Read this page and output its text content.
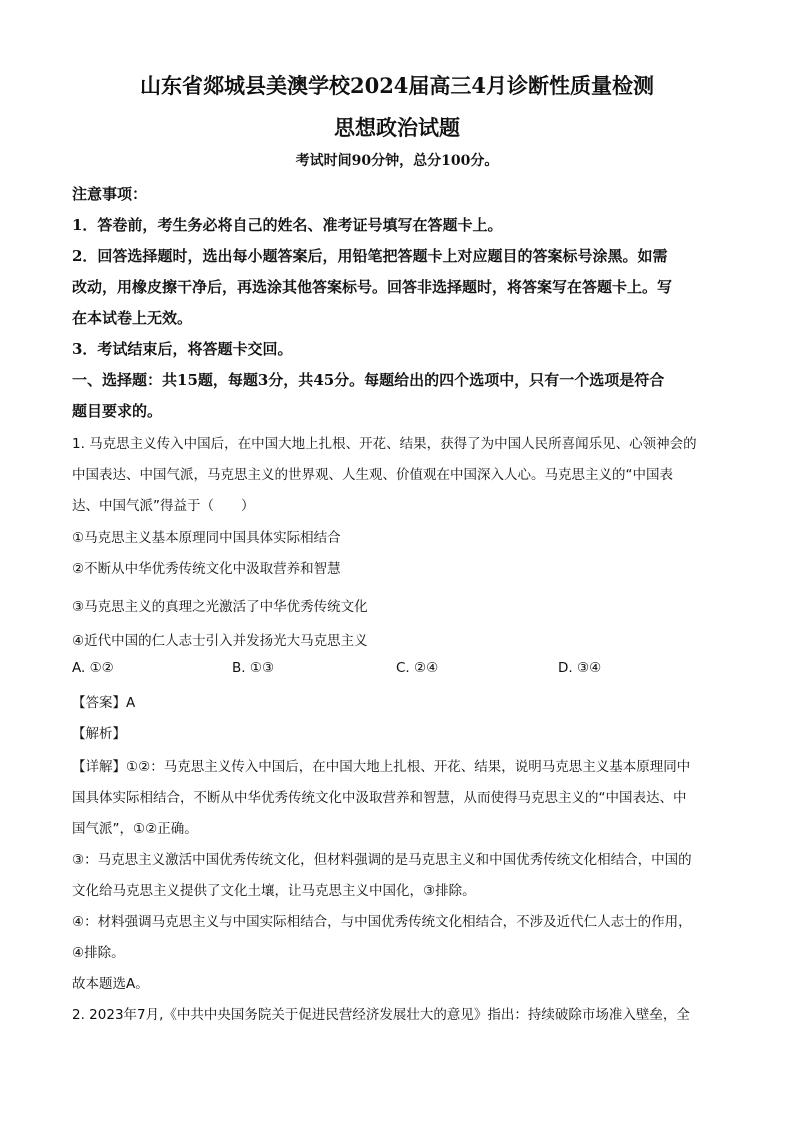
山东省郯城县美澳学校2024届高三4月诊断性质量检测
思想政治试题
考试时间90分钟，总分100分。
注意事项：
1．答卷前，考生务必将自己的姓名、准考证号填写在答题卡上。
2．回答选择题时，选出每小题答案后，用铅笔把答题卡上对应题目的答案标号涂黑。如需
改动，用橡皮擦干净后，再选涂其他答案标号。回答非选择题时，将答案写在答题卡上。写
在本试卷上无效。
3．考试结束后，将答题卡交回。
一、选择题：共15题，每题3分，共45分。每题给出的四个选项中，只有一个选项是符合
题目要求的。
1. 马克思主义传入中国后，在中国大地上扎根、开花、结果，获得了为中国人民所喜闻乐见、心领神会的
中国表达、中国气派，马克思主义的世界观、人生观、价值观在中国深入人心。马克思主义的“中国表
达、中国气派”得益于（　　）
①马克思主义基本原理同中国具体实际相结合
②不断从中华优秀传统文化中汲取营养和智慧
③马克思主义的真理之光激活了中华优秀传统文化
④近代中国的仁人志士引入并发扬光大马克思主义
A. ①②	B. ①③	C. ②④	D. ③④
【答案】A
【解析】
【详解】①②：马克思主义传入中国后，在中国大地上扎根、开花、结果，说明马克思主义基本原理同中
国具体实际相结合，不断从中华优秀传统文化中汲取营养和智慧，从而使得马克思主义的“中国表达、中
国气派”，①②正确。
③：马克思主义激活中国优秀传统文化，但材料强调的是马克思主义和中国优秀传统文化相结合，中国的
文化给马克思主义提供了文化土壤，让马克思主义中国化，③排除。
④：材料强调马克思主义与中国实际相结合，与中国优秀传统文化相结合，不涉及近代仁人志士的作用，
④排除。
故本题选A。
2. 2023年7月,《中共中央国务院关于促进民营经济发展壮大的意见》指出：持续破除市场准入壁垒，全
